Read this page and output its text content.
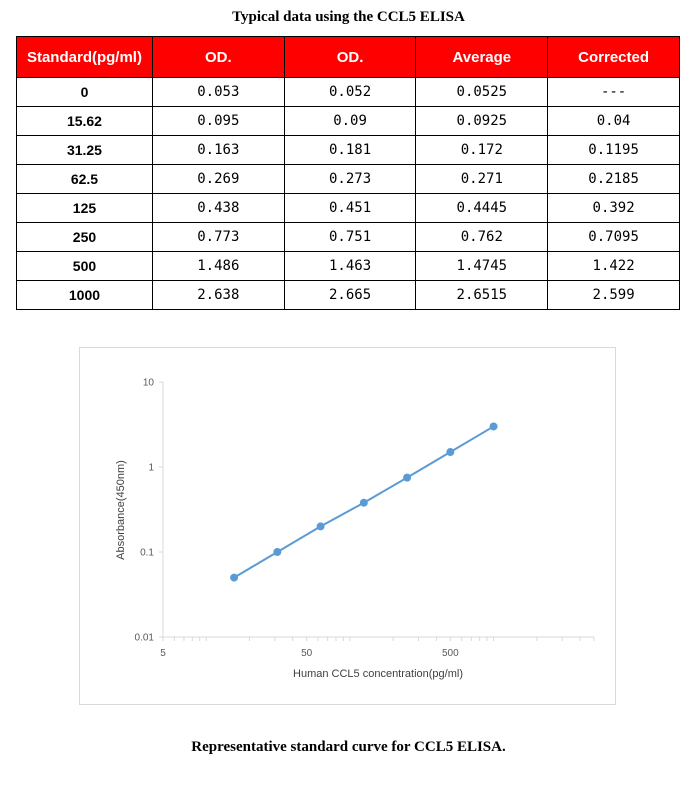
Typical data using the CCL5 ELISA
Standard(pg/ml)	OD.	OD.	Average	Corrected
0	0.053	0.052	0.0525	---
15.62	0.095	0.09	0.0925	0.04
31.25	0.163	0.181	0.172	0.1195
62.5	0.269	0.273	0.271	0.2185
125	0.438	0.451	0.4445	0.392
250	0.773	0.751	0.762	0.7095
500	1.486	1.463	1.4745	1.422
1000	2.638	2.665	2.6515	2.599
0.01
0.1
1
10
5	50	500
Absorbance(450nm)
Human CCL5 concentration(pg/ml)
Representative standard curve for CCL5 ELISA.
